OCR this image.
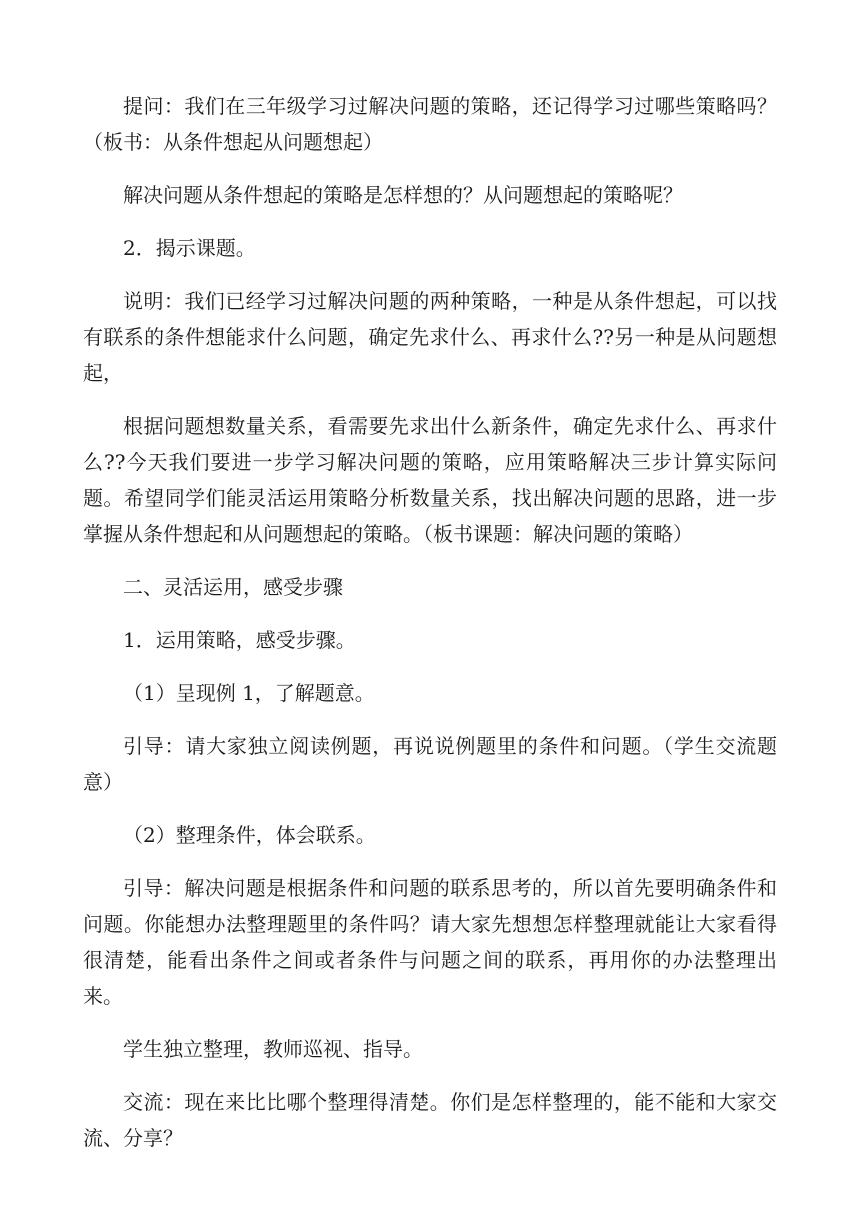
提问：我们在三年级学习过解决问题的策略，还记得学习过哪些策略吗？（板书：从条件想起从问题想起）

解决问题从条件想起的策略是怎样想的？从问题想起的策略呢？

2．揭示课题。

说明：我们已经学习过解决问题的两种策略，一种是从条件想起，可以找有联系的条件想能求什么问题，确定先求什么、再求什么??另一种是从问题想起，

根据问题想数量关系，看需要先求出什么新条件，确定先求什么、再求什么??今天我们要进一步学习解决问题的策略，应用策略解决三步计算实际问题。希望同学们能灵活运用策略分析数量关系，找出解决问题的思路，进一步掌握从条件想起和从问题想起的策略。（板书课题：解决问题的策略）

二、灵活运用，感受步骤

1．运用策略，感受步骤。

（1）呈现例 1，了解题意。

引导：请大家独立阅读例题，再说说例题里的条件和问题。（学生交流题意）

（2）整理条件，体会联系。

引导：解决问题是根据条件和问题的联系思考的，所以首先要明确条件和问题。你能想办法整理题里的条件吗？请大家先想想怎样整理就能让大家看得很清楚，能看出条件之间或者条件与问题之间的联系，再用你的办法整理出来。

学生独立整理，教师巡视、指导。

交流：现在来比比哪个整理得清楚。你们是怎样整理的，能不能和大家交流、分享？
